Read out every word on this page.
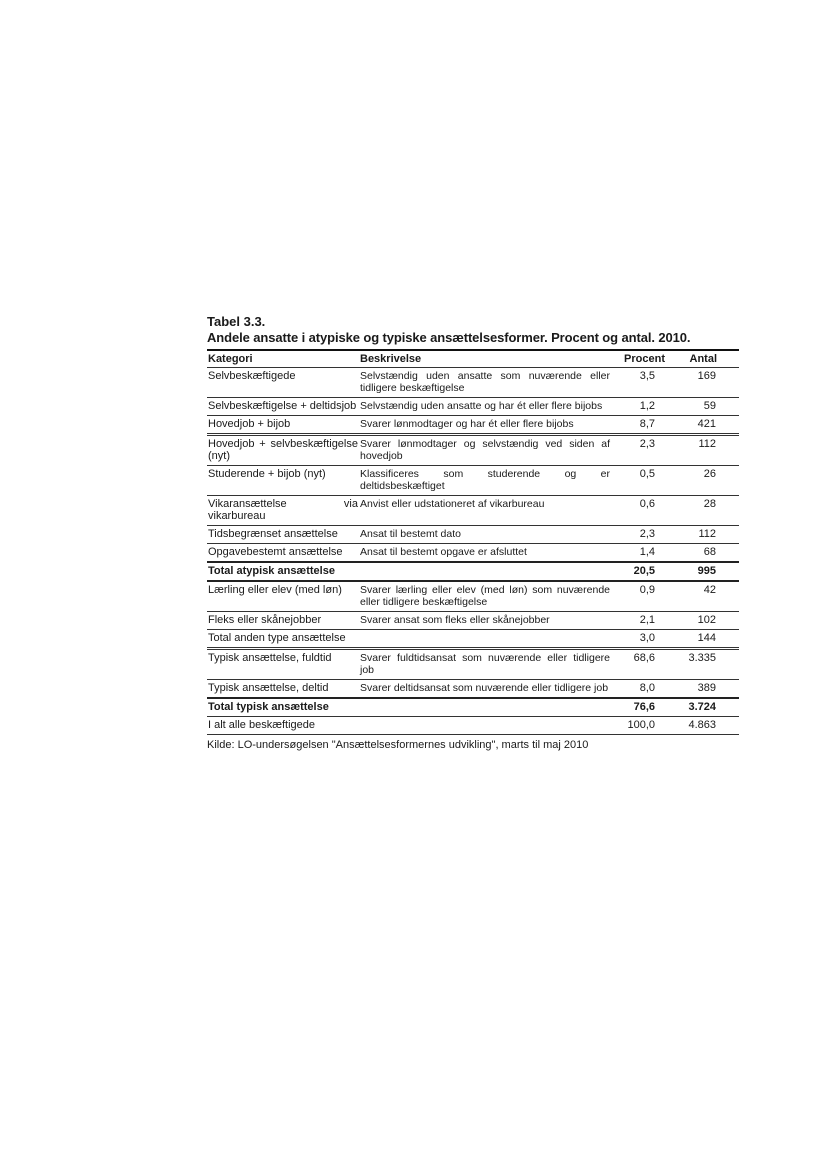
Tabel 3.3.
Andele ansatte i atypiske og typiske ansættelsesformer. Procent og antal. 2010.
Kategori	Beskrivelse	Procent	Antal
Selvbeskæftigede	Selvstændig uden ansatte som nuværende eller tidligere beskæftigelse	3,5	169
Selvbeskæftigelse + deltidsjob	Selvstændig uden ansatte og har ét eller flere bijobs	1,2	59
Hovedjob + bijob	Svarer lønmodtager og har ét eller flere bijobs	8,7	421
Hovedjob + selvbeskæftigelse (nyt)	Svarer lønmodtager og selvstændig ved siden af hovedjob	2,3	112
Studerende + bijob (nyt)	Klassificeres som studerende og er deltidsbeskæftiget	0,5	26
Vikaransættelse via vikarbureau	Anvist eller udstationeret af vikarbureau	0,6	28
Tidsbegrænset ansættelse	Ansat til bestemt dato	2,3	112
Opgavebestemt ansættelse	Ansat til bestemt opgave er afsluttet	1,4	68
Total atypisk ansættelse		20,5	995
Lærling eller elev (med løn)	Svarer lærling eller elev (med løn) som nuværende eller tidligere beskæftigelse	0,9	42
Fleks eller skånejobber	Svarer ansat som fleks eller skånejobber	2,1	102
Total anden type ansættelse		3,0	144
Typisk ansættelse, fuldtid	Svarer fuldtidsansat som nuværende eller tidligere job	68,6	3.335
Typisk ansættelse, deltid	Svarer deltidsansat som nuværende eller tidligere job	8,0	389
Total typisk ansættelse		76,6	3.724
I alt alle beskæftigede		100,0	4.863
Kilde: LO-undersøgelsen "Ansættelsesformernes udvikling", marts til maj 2010
